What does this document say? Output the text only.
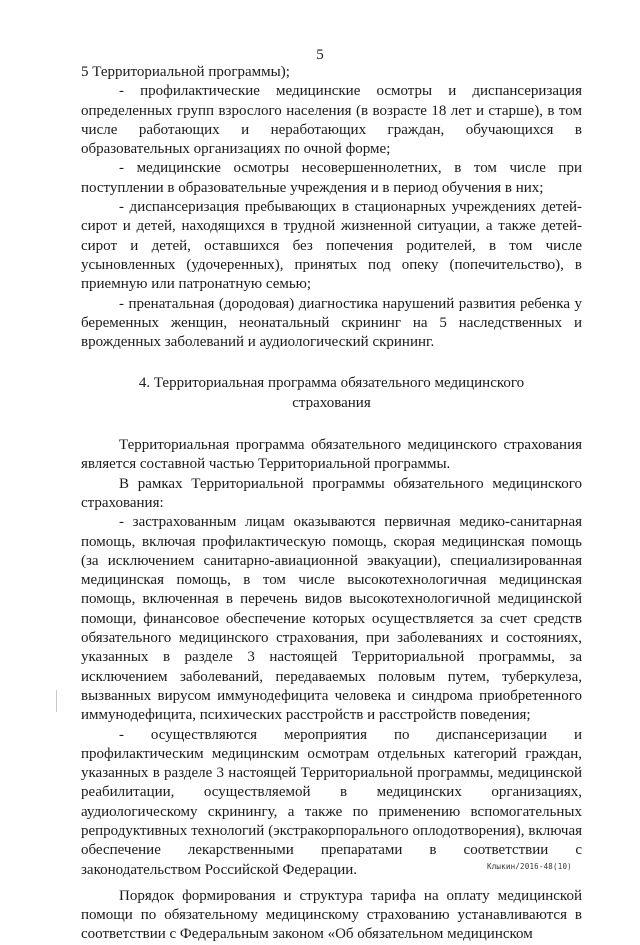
5

5 Территориальной программы);

- профилактические медицинские осмотры и диспансеризация определенных групп взрослого населения (в возрасте 18 лет и старше), в том числе работающих и неработающих граждан, обучающихся в образовательных организациях по очной форме;

- медицинские осмотры несовершеннолетних, в том числе при поступлении в образовательные учреждения и в период обучения в них;

- диспансеризация пребывающих в стационарных учреждениях детей-сирот и детей, находящихся в трудной жизненной ситуации, а также детей-сирот и детей, оставшихся без попечения родителей, в том числе усыновленных (удочеренных), принятых под опеку (попечительство), в приемную или патронатную семью;

- пренатальная (дородовая) диагностика нарушений развития ребенка у беременных женщин, неонатальный скрининг на 5 наследственных и врожденных заболеваний и аудиологический скрининг.

4. Территориальная программа обязательного медицинского страхования

Территориальная программа обязательного медицинского страхования является составной частью Территориальной программы.

В рамках Территориальной программы обязательного медицинского страхования:

- застрахованным лицам оказываются первичная медико-санитарная помощь, включая профилактическую помощь, скорая медицинская помощь (за исключением санитарно-авиационной эвакуации), специализированная медицинская помощь, в том числе высокотехнологичная медицинская помощь, включенная в перечень видов высокотехнологичной медицинской помощи, финансовое обеспечение которых осуществляется за счет средств обязательного медицинского страхования, при заболеваниях и состояниях, указанных в разделе 3 настоящей Территориальной программы, за исключением заболеваний, передаваемых половым путем, туберкулеза, вызванных вирусом иммунодефицита человека и синдрома приобретенного иммунодефицита, психических расстройств и расстройств поведения;

- осуществляются мероприятия по диспансеризации и профилактическим медицинским осмотрам отдельных категорий граждан, указанных в разделе 3 настоящей Территориальной программы, медицинской реабилитации, осуществляемой в медицинских организациях, аудиологическому скринингу, а также по применению вспомогательных репродуктивных технологий (экстракорпорального оплодотворения), включая обеспечение лекарственными препаратами в соответствии с законодательством Российской Федерации.

Порядок формирования и структура тарифа на оплату медицинской помощи по обязательному медицинскому страхованию устанавливаются в соответствии с Федеральным законом «Об обязательном медицинском

Клыкин/2016-48(10)
